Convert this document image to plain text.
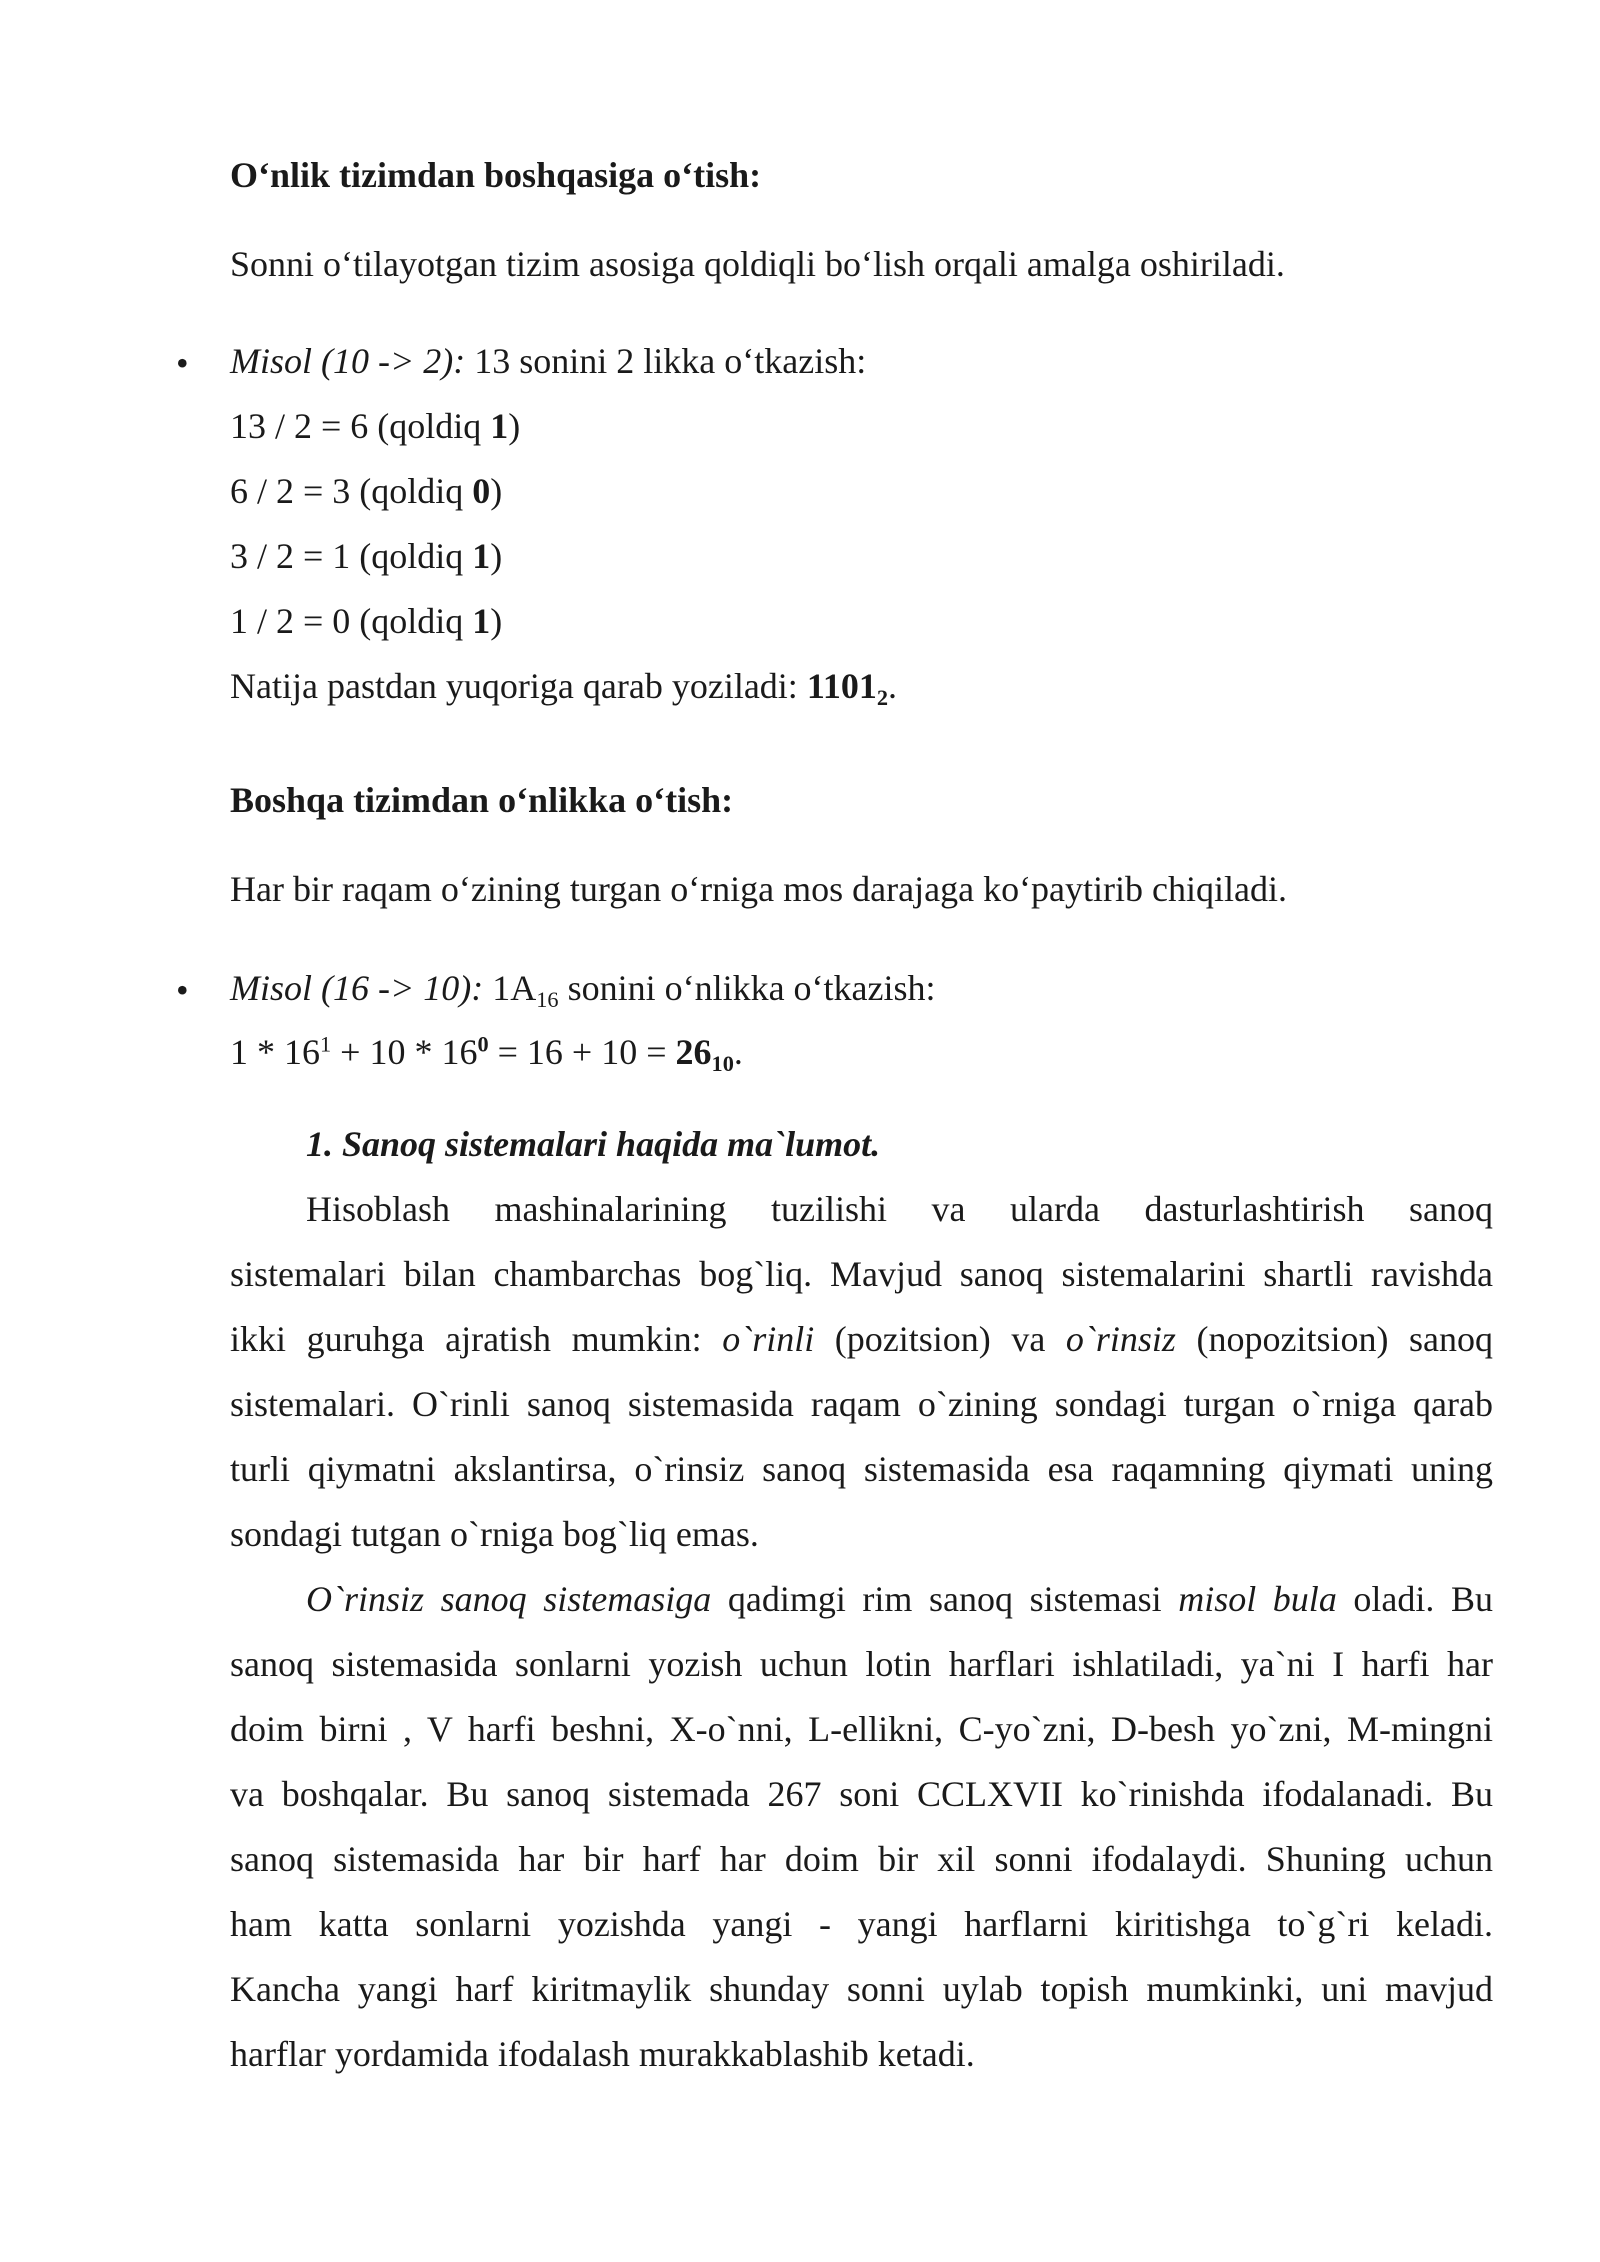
O‘nlik tizimdan boshqasiga o‘tish:
Sonni o‘tilayotgan tizim asosiga qoldiqli bo‘lish orqali amalga oshiriladi.
•
Misol (10 -> 2): 13 sonini 2 likka o‘tkazish:
13 / 2 = 6 (qoldiq 1)
6 / 2 = 3 (qoldiq 0)
3 / 2 = 1 (qoldiq 1)
1 / 2 = 0 (qoldiq 1)
Natija pastdan yuqoriga qarab yoziladi: $1101_2$.
Boshqa tizimdan o‘nlikka o‘tish:
Har bir raqam o‘zining turgan o‘rniga mos darajaga ko‘paytirib chiqiladi.
•
Misol (16 -> 10): $1A_{16}$ sonini o‘nlikka o‘tkazish:
$1 * 16^1 + 10 * 16^0 = 16 + 10 = 26_{10}$.
1. Sanoq sistemalari haqida ma`lumot.
Hisoblash mashinalarining tuzilishi va ularda dasturlashtirish sanoq
sistemalari bilan chambarchas bog`liq. Mavjud sanoq sistemalarini shartli ravishda
ikki guruhga ajratish mumkin: o`rinli (pozitsion) va o`rinsiz (nopozitsion) sanoq
sistemalari. O`rinli sanoq sistemasida raqam o`zining sondagi turgan o`rniga qarab
turli qiymatni akslantirsa, o`rinsiz sanoq sistemasida esa raqamning qiymati uning
sondagi tutgan o`rniga bog`liq emas.
O`rinsiz sanoq sistemasiga qadimgi rim sanoq sistemasi misol bula oladi. Bu
sanoq sistemasida sonlarni yozish uchun lotin harflari ishlatiladi, ya`ni I harfi har
doim birni , V harfi beshni, X-o`nni, L-ellikni, C-yo`zni, D-besh yo`zni, M-mingni
va boshqalar. Bu sanoq sistemada 267 soni CCLXVII ko`rinishda ifodalanadi. Bu
sanoq sistemasida har bir harf har doim bir xil sonni ifodalaydi. Shuning uchun
ham katta sonlarni yozishda yangi - yangi harflarni kiritishga to`g`ri keladi.
Kancha yangi harf kiritmaylik shunday sonni uylab topish mumkinki, uni mavjud
harflar yordamida ifodalash murakkablashib ketadi.
